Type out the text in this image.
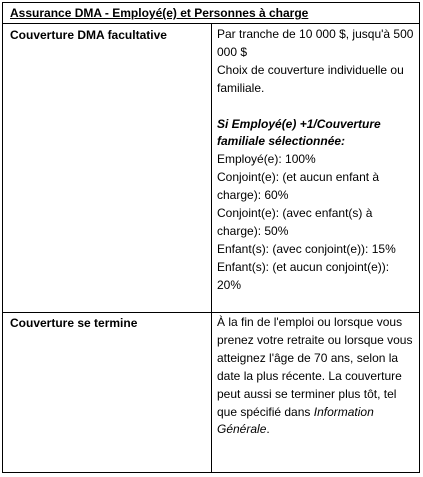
Assurance DMA - Employé(e) et Personnes à charge
Couverture DMA facultative	Par tranche de 10 000 $, jusqu'à 500 000 $

Choix de couverture individuelle ou familiale.

Si Employé(e) +1/Couverture familiale sélectionnée:

Employé(e): 100%

Conjoint(e): (et aucun enfant à charge): 60%

Conjoint(e): (avec enfant(s) à charge): 50%

Enfant(s): (avec conjoint(e)): 15%

Enfant(s): (et aucun conjoint(e)): 20%

Couverture se termine	À la fin de l'emploi ou lorsque vous prenez votre retraite ou lorsque vous atteignez l'âge de 70 ans, selon la date la plus récente. La couverture peut aussi se terminer plus tôt, tel que spécifié dans Information Générale.
